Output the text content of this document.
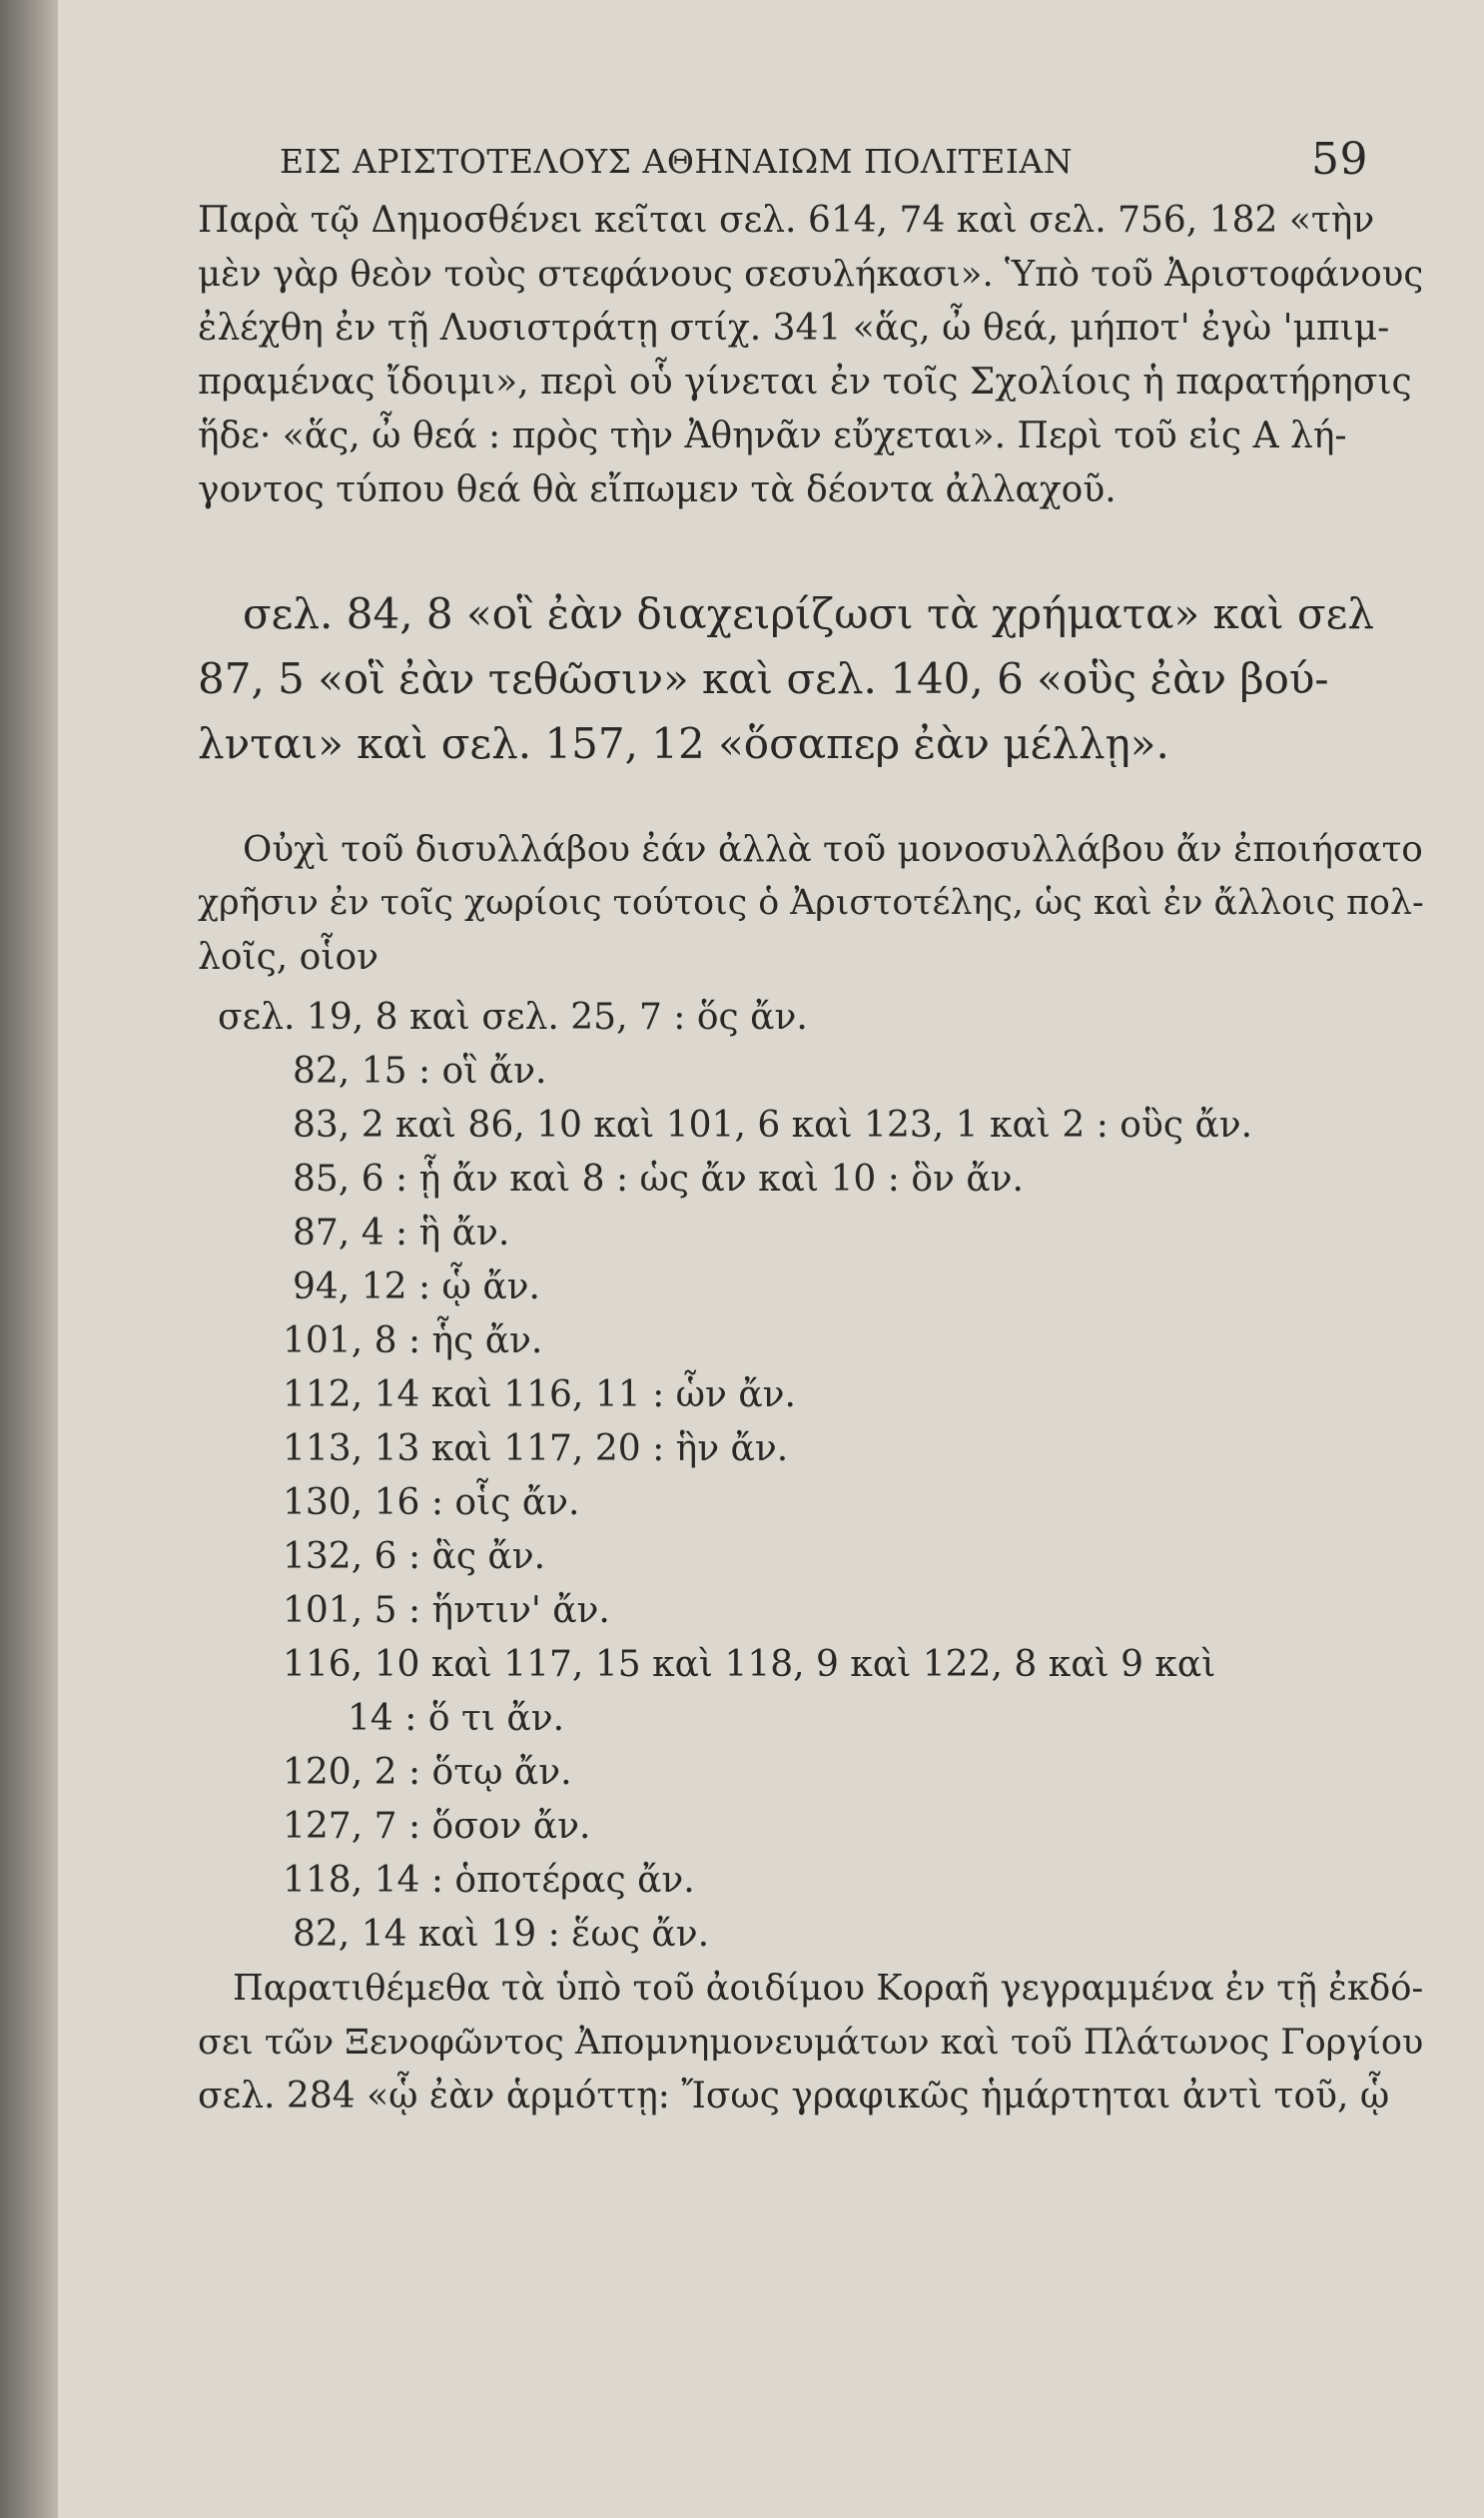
ΕΙΣ ΑΡΙΣΤΟΤΕΛΟΥΣ ΑΘΗΝΑΙΩΜ ΠΟΛΙΤΕΙΑΝ	59
Παρὰ τῷ Δημοσθένει κεῖται σελ. 614, 74 καὶ σελ. 756, 182 «τὴν
μὲν γὰρ θεὸν τοὺς στεφάνους σεσυλήκασι». Ὑπὸ τοῦ Ἀριστοφάνους
ἐλέχθη ἐν τῇ Λυσιστράτῃ στίχ. 341 «ἅς, ὦ θεά, μήποτ' ἐγὼ 'μπιμ-
πραμένας ἴδοιμι», περὶ οὗ γίνεται ἐν τοῖς Σχολίοις ἡ παρατήρησις
ἥδε· «ἅς, ὦ θεά : πρὸς τὴν Ἀθηνᾶν εὔχεται». Περὶ τοῦ εἰς Α λή-
γοντος τύπου θεά θὰ εἴπωμεν τὰ δέοντα ἀλλαχοῦ.
σελ. 84, 8 «οἳ ἐὰν διαχειρίζωσι τὰ χρήματα» καὶ σελ
87, 5 «οἳ ἐὰν τεθῶσιν» καὶ σελ. 140, 6 «οὓς ἐὰν βού-
λνται» καὶ σελ. 157, 12 «ὅσαπερ ἐὰν μέλλῃ».
Οὐχὶ τοῦ δισυλλάβου ἐάν ἀλλὰ τοῦ μονοσυλλάβου ἄν ἐποιήσατο
χρῆσιν ἐν τοῖς χωρίοις τούτοις ὁ Ἀριστοτέλης, ὡς καὶ ἐν ἄλλοις πολ-
λοῖς, οἷον
σελ. 19, 8 καὶ σελ. 25, 7 : ὅς ἄν.
82, 15 : οἳ ἄν.
83, 2 καὶ 86, 10 καὶ 101, 6 καὶ 123, 1 καὶ 2 : οὓς ἄν.
85, 6 : ᾗ ἄν καὶ 8 : ὡς ἄν καὶ 10 : ὃν ἄν.
87, 4 : ἣ ἄν.
94, 12 : ᾧ ἄν.
101, 8 : ἧς ἄν.
112, 14 καὶ 116, 11 : ὧν ἄν.
113, 13 καὶ 117, 20 : ἣν ἄν.
130, 16 : οἷς ἄν.
132, 6 : ἃς ἄν.
101, 5 : ἥντιν' ἄν.
116, 10 καὶ 117, 15 καὶ 118, 9 καὶ 122, 8 καὶ 9 καὶ
14 : ὅ τι ἄν.
120, 2 : ὅτῳ ἄν.
127, 7 : ὅσον ἄν.
118, 14 : ὁποτέρας ἄν.
82, 14 καὶ 19 : ἕως ἄν.
Παρατιθέμεθα τὰ ὑπὸ τοῦ ἀοιδίμου Κοραῆ γεγραμμένα ἐν τῇ ἐκδό-
σει τῶν Ξενοφῶντος Ἀπομνημονευμάτων καὶ τοῦ Πλάτωνος Γοργίου
σελ. 284 «ᾧ ἐὰν ἁρμόττῃ: Ἴσως γραφικῶς ἡμάρτηται ἀντὶ τοῦ, ᾧ
